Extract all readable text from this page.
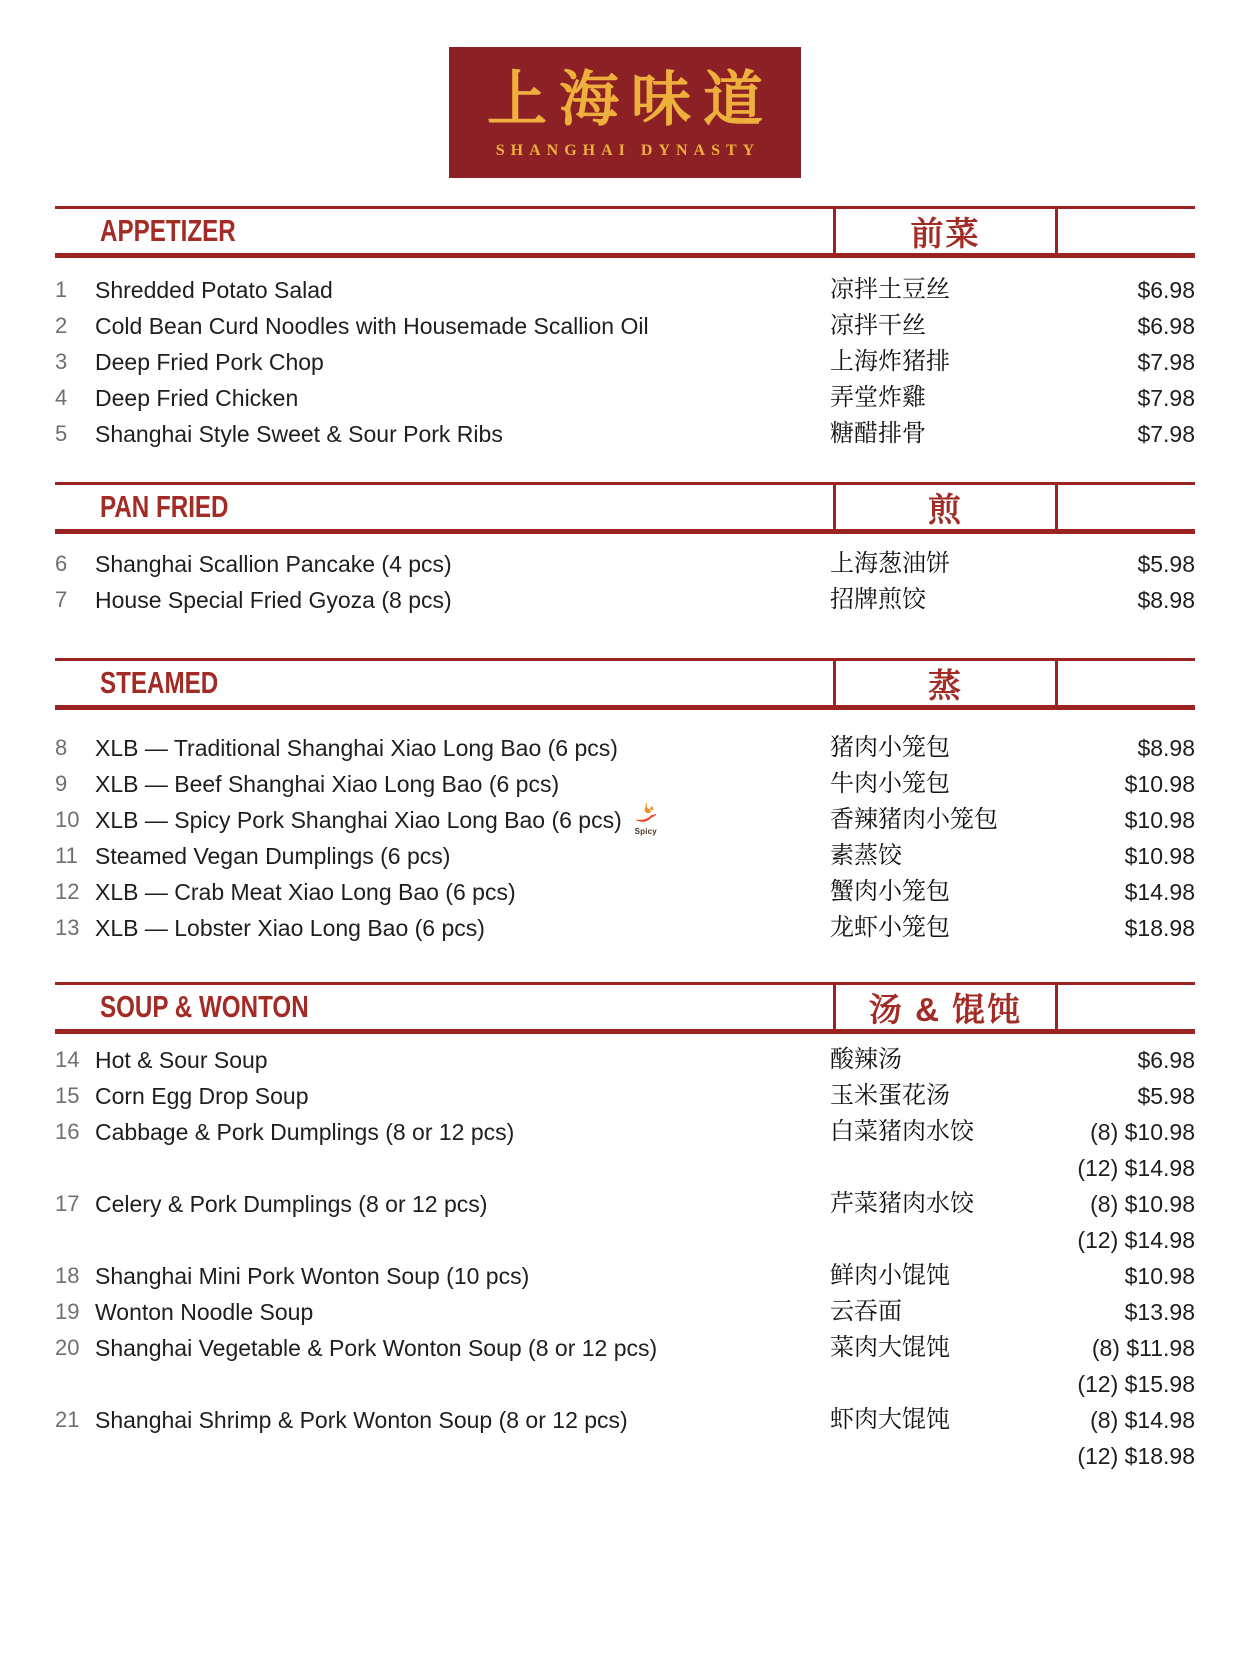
上海味道
SHANGHAI DYNASTY
APPETIZER	前菜
1	Shredded Potato Salad	凉拌土豆丝	$6.98
2	Cold Bean Curd Noodles with Housemade Scallion Oil	凉拌干丝	$6.98
3	Deep Fried Pork Chop	上海炸猪排	$7.98
4	Deep Fried Chicken	弄堂炸雞	$7.98
5	Shanghai Style Sweet & Sour Pork Ribs	糖醋排骨	$7.98
PAN FRIED	煎
6	Shanghai Scallion Pancake (4 pcs)	上海葱油饼	$5.98
7	House Special Fried Gyoza (8 pcs)	招牌煎饺	$8.98
STEAMED	蒸
8	XLB — Traditional Shanghai Xiao Long Bao (6 pcs)	猪肉小笼包	$8.98
9	XLB — Beef Shanghai Xiao Long Bao (6 pcs)	牛肉小笼包	$10.98
10 XLB — Spicy Pork Shanghai Xiao Long Bao (6 pcs) Spicy	香辣猪肉小笼包	$10.98
11 Steamed Vegan Dumplings (6 pcs)	素蒸饺	$10.98
12 XLB — Crab Meat Xiao Long Bao (6 pcs)	蟹肉小笼包	$14.98
13 XLB — Lobster Xiao Long Bao (6 pcs)	龙虾小笼包	$18.98
SOUP & WONTON	汤 & 馄饨
14 Hot & Sour Soup	酸辣汤	$6.98
15 Corn Egg Drop Soup	玉米蛋花汤	$5.98
16 Cabbage & Pork Dumplings (8 or 12 pcs)	白菜猪肉水饺	(8) $10.98
(12) $14.98
17 Celery & Pork Dumplings (8 or 12 pcs)	芹菜猪肉水饺	(8) $10.98
(12) $14.98
18 Shanghai Mini Pork Wonton Soup (10 pcs)	鲜肉小馄饨	$10.98
19 Wonton Noodle Soup	云吞面	$13.98
20 Shanghai Vegetable & Pork Wonton Soup (8 or 12 pcs)	菜肉大馄饨	(8) $11.98
(12) $15.98
21 Shanghai Shrimp & Pork Wonton Soup (8 or 12 pcs)	虾肉大馄饨	(8) $14.98
(12) $18.98
